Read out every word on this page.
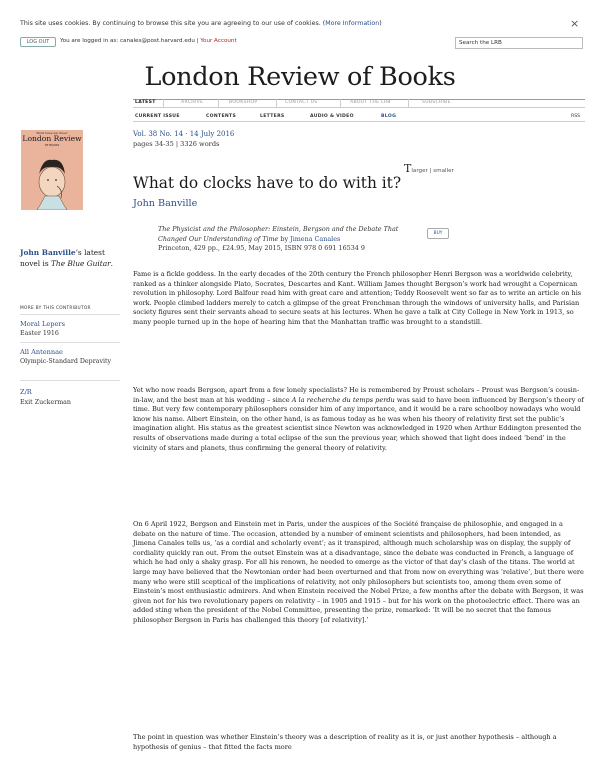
This site uses cookies. By continuing to browse this site you are agreeing to our use of cookies. (More Information)	×
LOG OUT	You are logged in as: canales@post.harvard.edu | Your Account
Search the LRB
London Review of Books
LATEST	ARCHIVE	BOOKSHOP	CONTACT US	ABOUT THE LRB	SUBSCRIBE
CURRENT ISSUE	CONTENTS	LETTERS	AUDIO & VIDEO	BLOG	RSS
What have we done?
London Review
OF BOOKS
John Banville’s latest novel is The Blue Guitar.
MORE BY THIS CONTRIBUTOR
Moral Lepers
Easter 1916
All Antennae
Olympic-Standard Depravity
Z/R
Exit Zuckerman
Vol. 38 No. 14 · 14 July 2016
pages 34-35 | 3326 words
Tlarger | smaller
What do clocks have to do with it?
John Banville
The Physicist and the Philosopher: Einstein, Bergson and the Debate That Changed Our Understanding of Time by Jimena Canales
Princeton, 429 pp., £24.95, May 2015, ISBN 978 0 691 16534 9
BUY

Fame is a fickle goddess. In the early decades of the 20th century the French philosopher Henri Bergson was a worldwide celebrity, ranked as a thinker alongside Plato, Socrates, Descartes and Kant. William James thought Bergson’s work had wrought a Copernican revolution in philosophy. Lord Balfour read him with great care and attention; Teddy Roosevelt went so far as to write an article on his work. People climbed ladders merely to catch a glimpse of the great Frenchman through the windows of university halls, and Parisian society figures sent their servants ahead to secure seats at his lectures. When he gave a talk at City College in New York in 1913, so many people turned up in the hope of hearing him that the Manhattan traffic was brought to a standstill.

Yet who now reads Bergson, apart from a few lonely specialists? He is remembered by Proust scholars – Proust was Bergson’s cousin-in-law, and the best man at his wedding – since A la recherche du temps perdu was said to have been influenced by Bergson’s theory of time. But very few contemporary philosophers consider him of any importance, and it would be a rare schoolboy nowadays who would know his name. Albert Einstein, on the other hand, is as famous today as he was when his theory of relativity first set the public’s imagination alight. His status as the greatest scientist since Newton was acknowledged in 1920 when Arthur Eddington presented the results of observations made during a total eclipse of the sun the previous year, which showed that light does indeed ‘bend’ in the vicinity of stars and planets, thus confirming the general theory of relativity.

On 6 April 1922, Bergson and Einstein met in Paris, under the auspices of the Société française de philosophie, and engaged in a debate on the nature of time. The occasion, attended by a number of eminent scientists and philosophers, had been intended, as Jimena Canales tells us, ‘as a cordial and scholarly event’; as it transpired, although much scholarship was on display, the supply of cordiality quickly ran out. From the outset Einstein was at a disadvantage, since the debate was conducted in French, a language of which he had only a shaky grasp. For all his renown, he needed to emerge as the victor of that day’s clash of the titans. The world at large may have believed that the Newtonian order had been overturned and that from now on everything was ‘relative’, but there were many who were still sceptical of the implications of relativity, not only philosophers but scientists too, among them even some of Einstein’s most enthusiastic admirers. And when Einstein received the Nobel Prize, a few months after the debate with Bergson, it was given not for his two revolutionary papers on relativity – in 1905 and 1915 – but for his work on the photoelectric effect. There was an added sting when the president of the Nobel Committee, presenting the prize, remarked: ‘It will be no secret that the famous philosopher Bergson in Paris has challenged this theory [of relativity].’

The point in question was whether Einstein’s theory was a description of reality as it is, or just another hypothesis – although a hypothesis of genius – that fitted the facts more
